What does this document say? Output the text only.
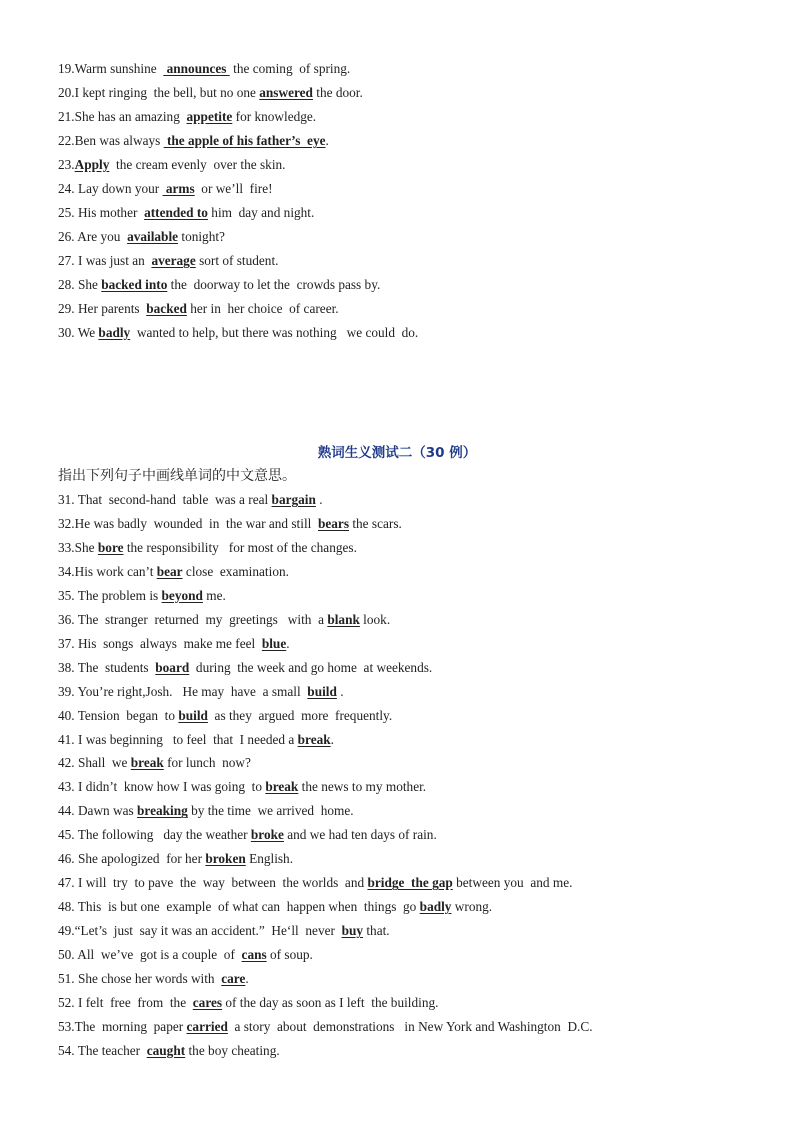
19.Warm sunshine   announces  the coming  of spring.
20.I kept ringing  the bell, but no one answered the door.
21.She has an amazing  appetite for knowledge.
22.Ben was always  the apple of his father’s  eye.
23.Apply  the cream evenly  over the skin.
24. Lay down your  arms  or we’ll  fire!
25. His mother  attended to him  day and night.
26. Are you  available tonight?
27. I was just an  average sort of student.
28. She backed into the  doorway to let the  crowds pass by.
29. Her parents  backed her in  her choice  of career.
30. We badly  wanted to help, but there was nothing   we could  do.
熟词生义测试二（30 例）
指出下列句子中画线单词的中文意思。
31. That  second-hand  table  was a real bargain .
32.He was badly  wounded  in  the war and still  bears the scars.
33.She bore the responsibility   for most of the changes.
34.His work can’t bear close  examination.
35. The problem is beyond me.
36. The  stranger  returned  my  greetings   with  a blank look.
37. His  songs  always  make me feel  blue.
38. The  students  board  during  the week and go home  at weekends.
39. You’re right,Josh.   He may  have  a small  build .
40. Tension  began  to build  as they  argued  more  frequently.
41. I was beginning   to feel  that  I needed a break.
42. Shall  we break for lunch  now?
43. I didn’t  know how I was going  to break the news to my mother.
44. Dawn was breaking by the time  we arrived  home.
45. The following   day the weather broke and we had ten days of rain.
46. She apologized  for her broken English.
47. I will  try  to pave  the  way  between  the worlds  and bridge  the gap between you  and me.
48. This  is but one  example  of what can  happen when  things  go badly wrong.
49.“Let’s  just  say it was an accident.”  He‘ll  never  buy that.
50. All  we’ve  got is a couple  of  cans of soup.
51. She chose her words with  care.
52. I felt  free  from  the  cares of the day as soon as I left  the building.
53.The  morning  paper carried  a story  about  demonstrations   in New York and Washington  D.C.
54. The teacher  caught the boy cheating.
